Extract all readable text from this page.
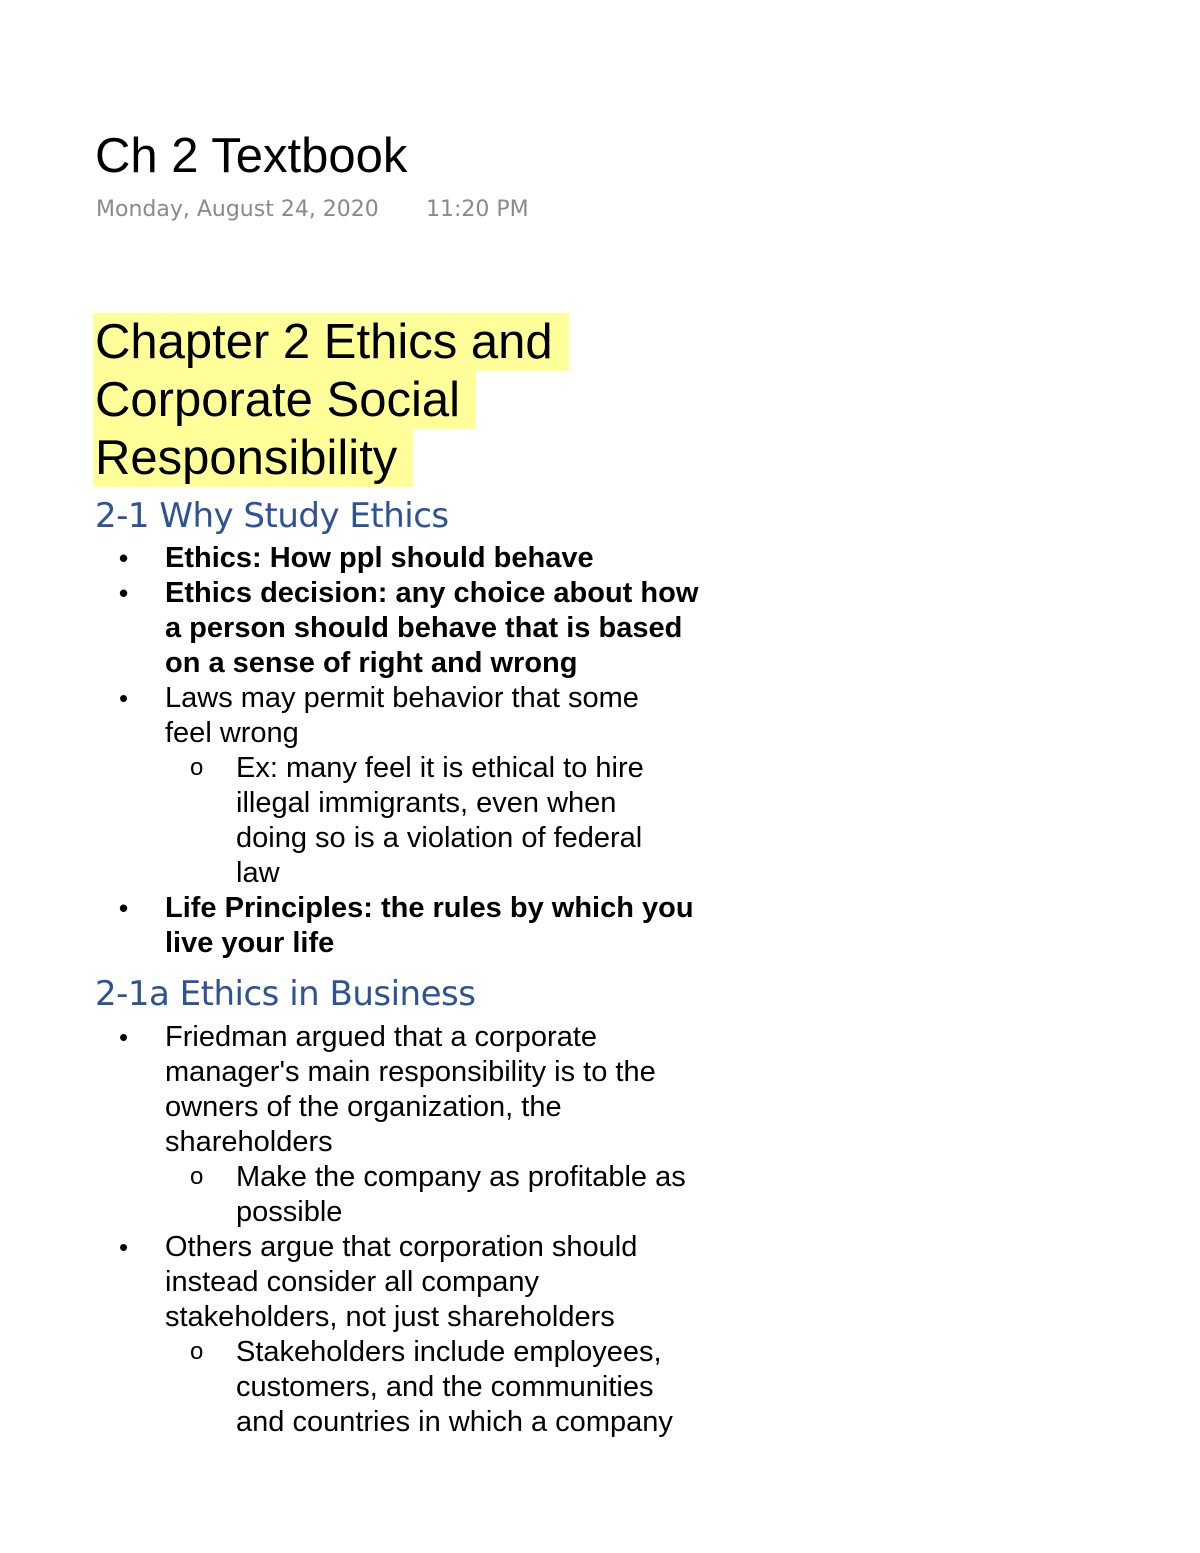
Ch 2 Textbook
Monday, August 24, 2020 11:20 PM
Chapter 2 Ethics and
Corporate Social
Responsibility
2-1 Why Study Ethics
• Ethics: How ppl should behave
• Ethics decision: any choice about how a person should behave that is based on a sense of right and wrong
• Laws may permit behavior that some feel wrong
o Ex: many feel it is ethical to hire illegal immigrants, even when doing so is a violation of federal law
• Life Principles: the rules by which you live your life
2-1a Ethics in Business
• Friedman argued that a corporate manager's main responsibility is to the owners of the organization, the shareholders
o Make the company as profitable as possible
• Others argue that corporation should instead consider all company stakeholders, not just shareholders
o Stakeholders include employees, customers, and the communities and countries in which a company
